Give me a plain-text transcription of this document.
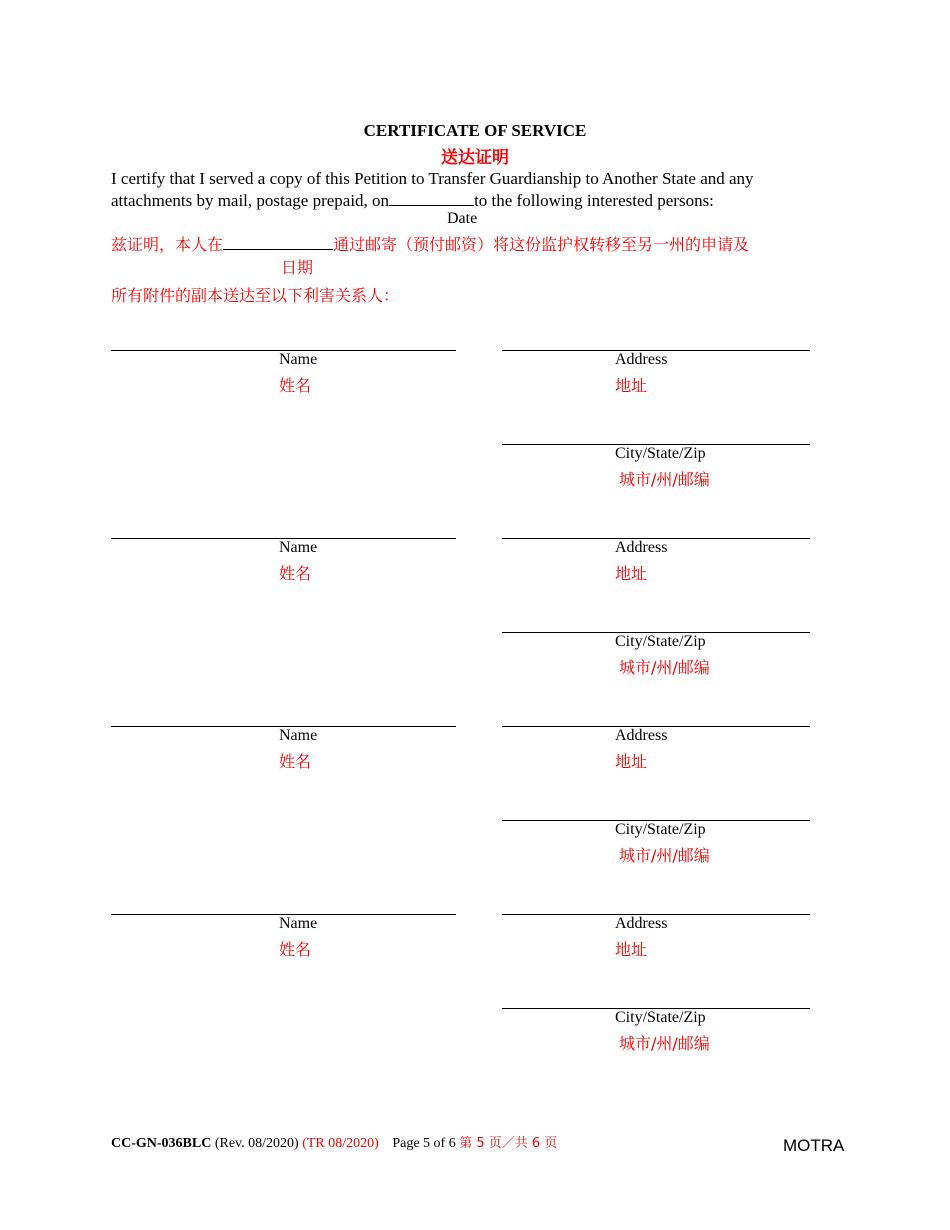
CERTIFICATE OF SERVICE
送达证明
I certify that I served a copy of this Petition to Transfer Guardianship to Another State and any
attachments by mail, postage prepaid, on	to the following interested persons:
Date
兹证明，本人在	通过邮寄（预付邮资）将这份监护权转移至另一州的申请及
日期
所有附件的副本送达至以下利害关系人：
Name
姓名
Address
地址
City/State/Zip
城市/州/邮编
Name
姓名
Address
地址
City/State/Zip
城市/州/邮编
Name
姓名
Address
地址
City/State/Zip
城市/州/邮编
Name
姓名
Address
地址
City/State/Zip
城市/州/邮编
CC-GN-036BLC (Rev. 08/2020) (TR 08/2020) Page 5 of 6 第 5 页／共 6 页	MOTRA
